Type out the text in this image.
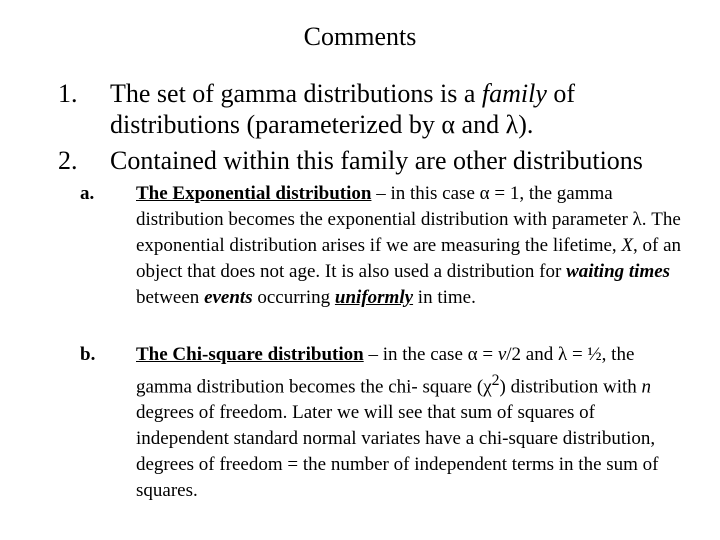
Comments
1. The set of gamma distributions is a family of distributions (parameterized by α and λ).
2. Contained within this family are other distributions
a. The Exponential distribution – in this case α = 1, the gamma distribution becomes the exponential distribution with parameter λ. The exponential distribution arises if we are measuring the lifetime, X, of an object that does not age. It is also used a distribution for waiting times between events occurring uniformly in time.
b. The Chi-square distribution – in the case α = ν/2 and λ = ½, the gamma distribution becomes the chi- square $(\chi^2)$ distribution with n degrees of freedom. Later we will see that sum of squares of independent standard normal variates have a chi-square distribution, degrees of freedom = the number of independent terms in the sum of squares.
